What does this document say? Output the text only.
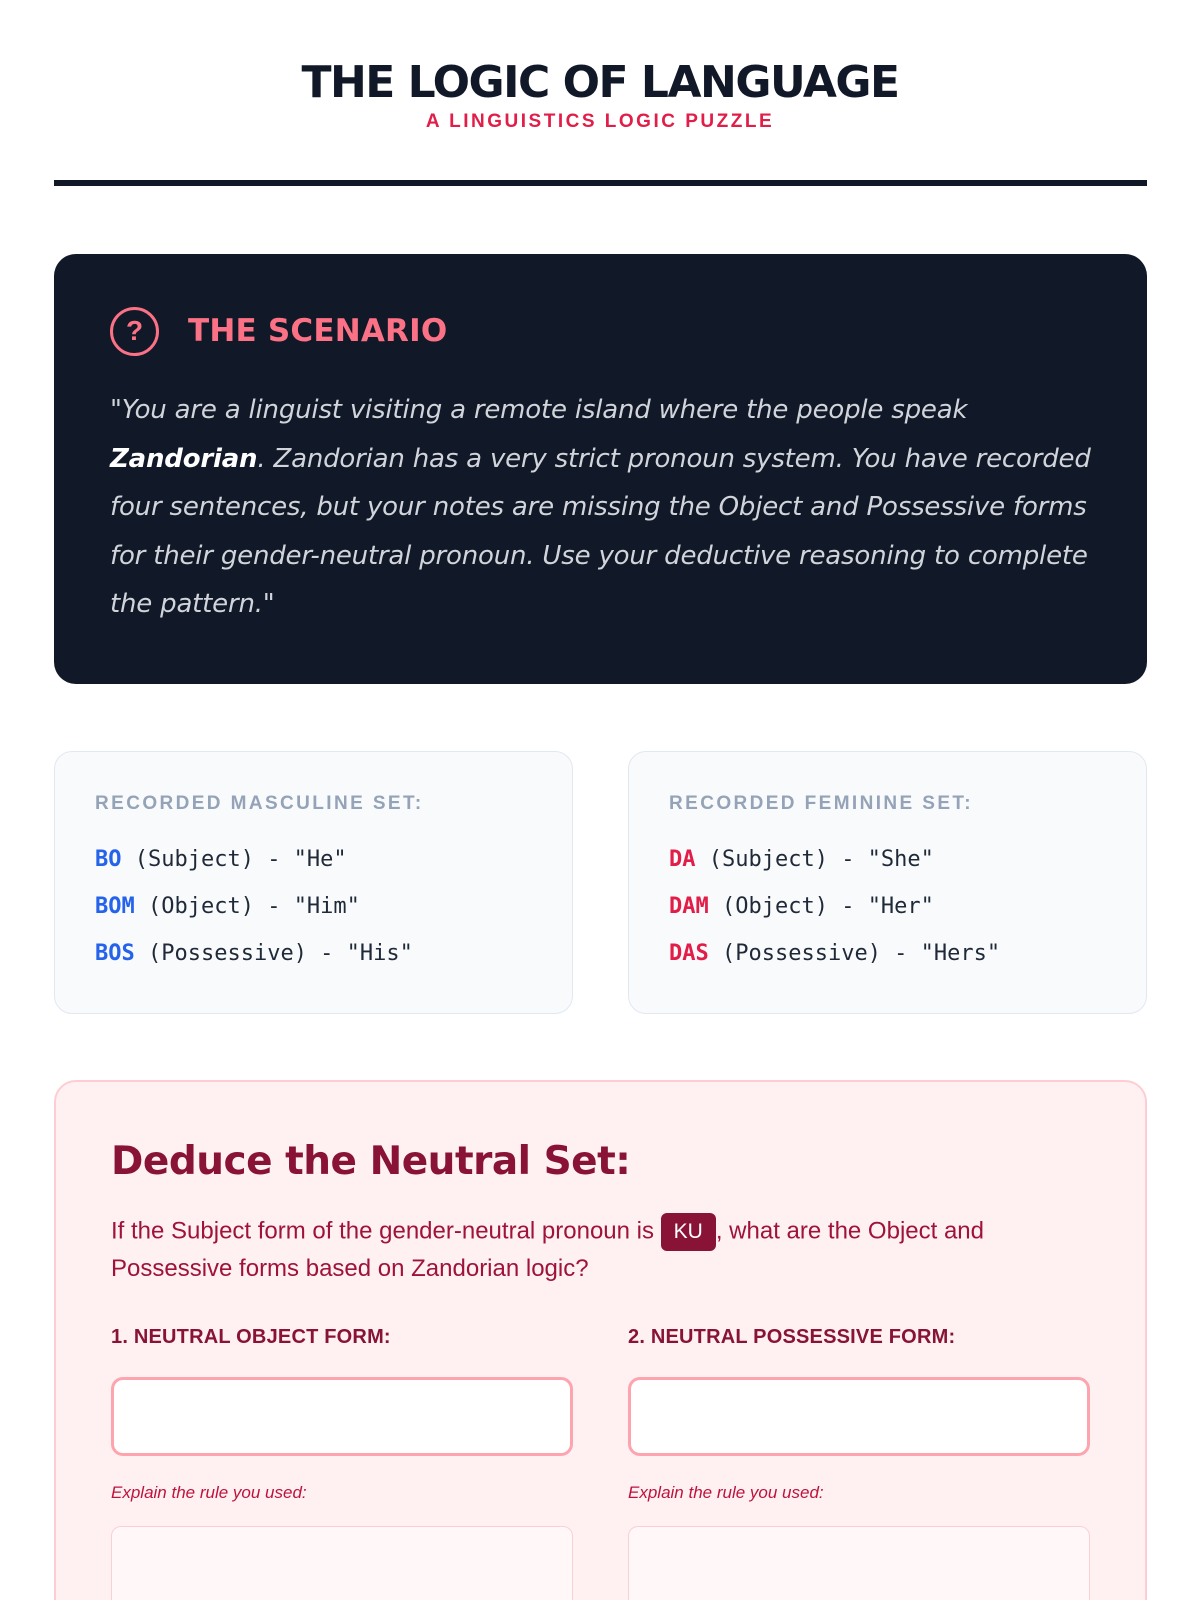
THE LOGIC OF LANGUAGE
A LINGUISTICS LOGIC PUZZLE
?	THE SCENARIO

"You are a linguist visiting a remote island where the people speak Zandorian. Zandorian has a very strict pronoun system. You have recorded four sentences, but your notes are missing the Object and Possessive forms for their gender-neutral pronoun. Use your deductive reasoning to complete the pattern."

RECORDED MASCULINE SET:
BO (Subject) - "He"
BOM (Object) - "Him"
BOS (Possessive) - "His"
RECORDED FEMININE SET:
DA (Subject) - "She"
DAM (Object) - "Her"
DAS (Possessive) - "Hers"
Deduce the Neutral Set:

If the Subject form of the gender-neutral pronoun is KU , what are the Object and Possessive forms based on Zandorian logic?

1. NEUTRAL OBJECT FORM:
Explain the rule you used:
2. NEUTRAL POSSESSIVE FORM:
Explain the rule you used:
